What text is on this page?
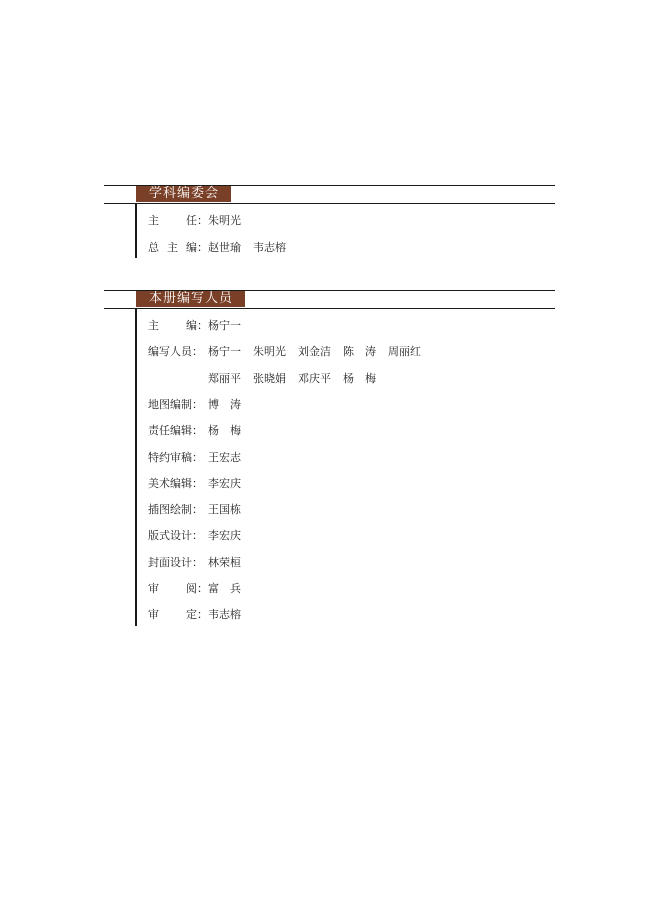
学科编委会
主 任： 朱明光
总 主 编： 赵世瑜 韦志榕
本册编写人员
主 编： 杨宁一
编写人员： 杨宁一 朱明光 刘金洁 陈　涛 周丽红
郑丽平 张晓娟 邓庆平 杨　梅
地图编制： 博　涛
责任编辑： 杨　梅
特约审稿： 王宏志
美术编辑： 李宏庆
插图绘制： 王国栋
版式设计： 李宏庆
封面设计： 林荣桓
审 阅： 富　兵
审 定： 韦志榕
